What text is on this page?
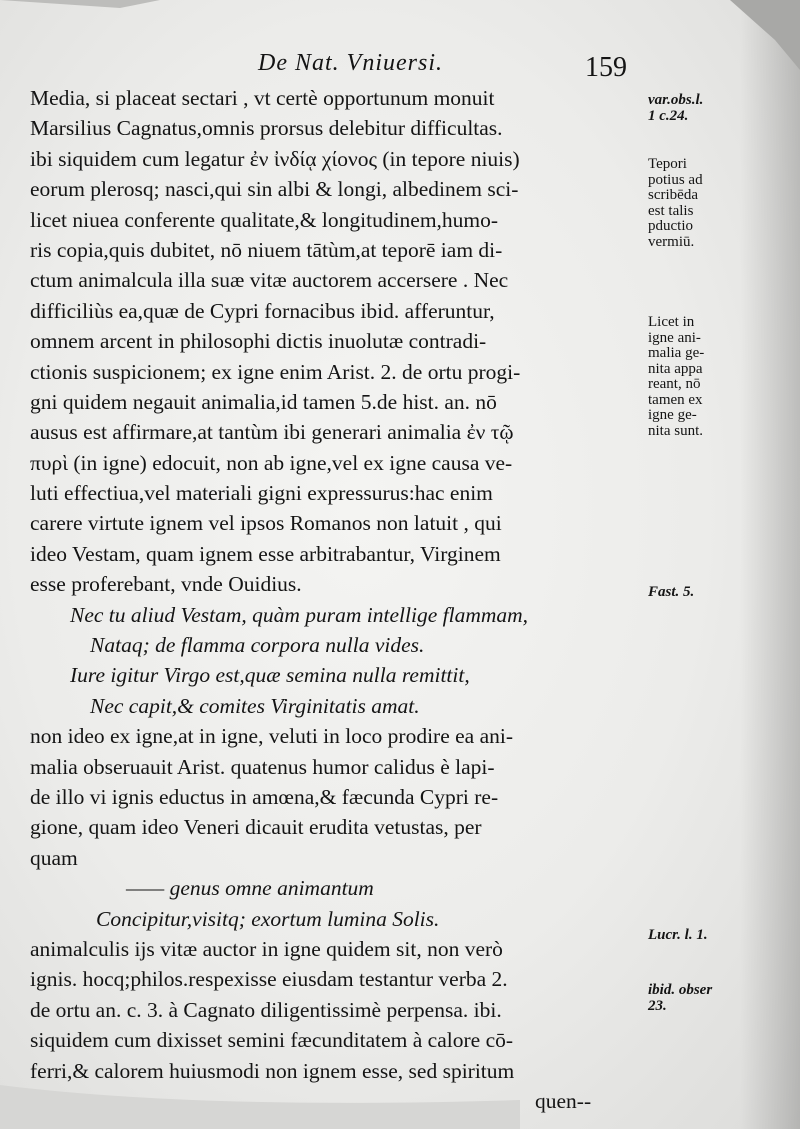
De Nat. Vniuersi.	159
Media, si placeat sectari , vt certè opportunum monuit
Marsilius Cagnatus,omnis prorsus delebitur difficultas.
ibi siquidem cum legatur ἐν ἰνδίᾳ χίονος (in tepore niuis)
eorum plerosq; nasci,qui sin albi & longi, albedinem sci-
licet niuea conferente qualitate,& longitudinem,humo-
ris copia,quis dubitet, nō niuem tātùm,at teporē iam di-
ctum animalcula illa suæ vitæ auctorem accersere . Nec
difficiliùs ea,quæ de Cypri fornacibus ibid. afferuntur,
omnem arcent in philosophi dictis inuolutæ contradi-
ctionis suspicionem; ex igne enim Arist. 2. de ortu progi-
gni quidem negauit animalia,id tamen 5.de hist. an. nō
ausus est affirmare,at tantùm ibi generari animalia ἐν τῷ
πυρὶ (in igne) edocuit, non ab igne,vel ex igne causa ve-
luti effectiua,vel materiali gigni expressurus:hac enim
carere virtute ignem vel ipsos Romanos non latuit , qui
ideo Vestam, quam ignem esse arbitrabantur, Virginem
esse proferebant, vnde Ouidius.
Nec tu aliud Vestam, quàm puram intellige flammam,
Nataq; de flamma corpora nulla vides.
Iure igitur Virgo est,quæ semina nulla remittit,
Nec capit,& comites Virginitatis amat.
non ideo ex igne,at in igne, veluti in loco prodire ea ani-
malia obseruauit Arist. quatenus humor calidus è lapi-
de illo vi ignis eductus in amœna,& fæcunda Cypri re-
gione, quam ideo Veneri dicauit erudita vetustas, per
quam
—— genus omne animantum
Concipitur,visitq; exortum lumina Solis.
animalculis ijs vitæ auctor in igne quidem sit, non verò
ignis. hocq;philos.respexisse eiusdam testantur verba 2.
de ortu an. c. 3. à Cagnato diligentissimè perpensa. ibi.
siquidem cum dixisset semini fæcunditatem à calore cō-
ferri,& calorem huiusmodi non ignem esse, sed spiritum
quen--
var.obs.l.
1 c.24.
Tepori
potius ad
scribēda
est talis
pductio
vermiū.
Licet in
igne ani-
malia ge-
nita appa
reant, nō
tamen ex
igne ge-
nita sunt.
Fast. 5.
Lucr. l. 1.
ibid. obser
23.
